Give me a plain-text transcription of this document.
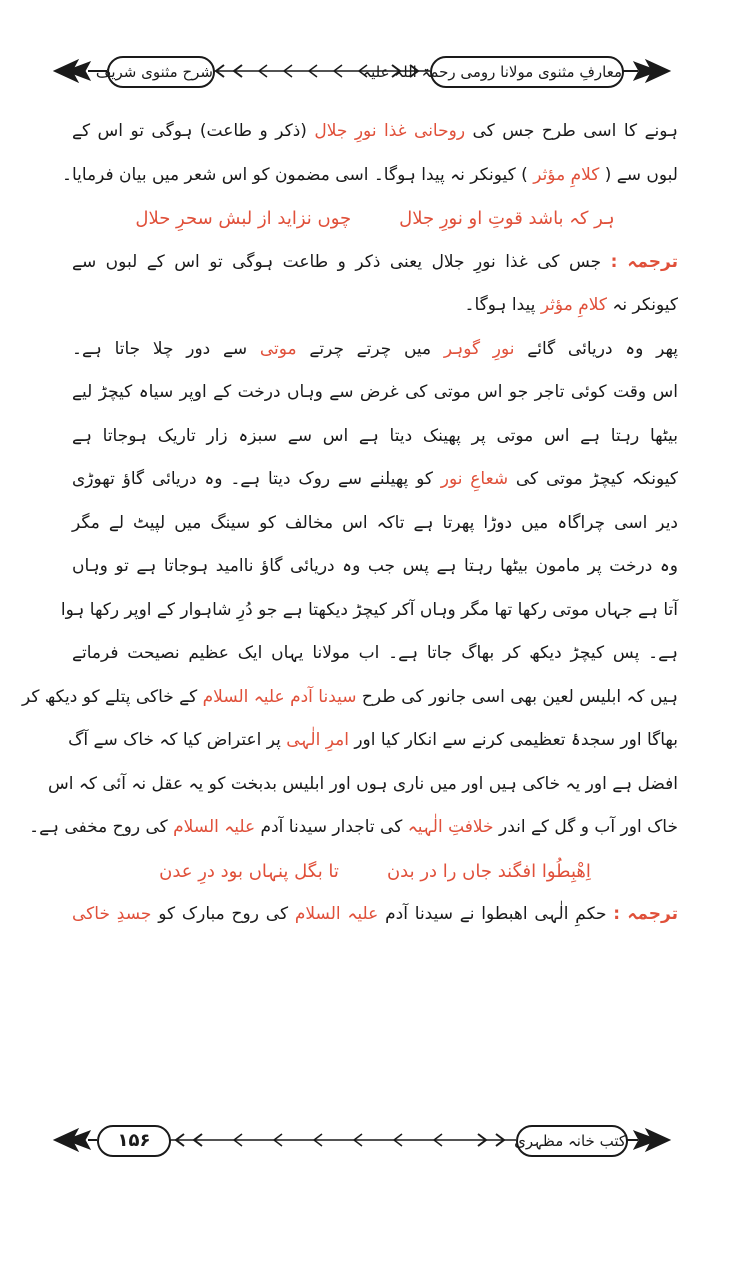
شرح مثنوی شریف	معارفِ مثنوی مولانا رومی رحمۃ اللہ علیہ
ہونے کا اسی طرح جس کی روحانی غذا نورِ جلال (ذکر و طاعت) ہوگی تو اس کے
لبوں سے ( کلامِ مؤثر ) کیونکر نہ پیدا ہوگا۔ اسی مضمون کو اس شعر میں بیان فرمایا۔
ہر کہ باشد قوتِ او نورِ جلالچوں نزاید از لبش سحرِ حلال
ترجمہ : جس کی غذا نورِ جلال یعنی ذکر و طاعت ہوگی تو اس کے لبوں سے
کیونکر نہ کلامِ مؤثر پیدا ہوگا۔
پھر وہ دریائی گائے نورِ گوہر میں چرتے چرتے موتی سے دور چلا جاتا ہے۔
اس وقت کوئی تاجر جو اس موتی کی غرض سے وہاں درخت کے اوپر سیاہ کیچڑ لیے
بیٹھا رہتا ہے اس موتی پر پھینک دیتا ہے اس سے سبزہ زار تاریک ہوجاتا ہے
کیونکہ کیچڑ موتی کی شعاعِ نور کو پھیلنے سے روک دیتا ہے۔ وہ دریائی گاؤ تھوڑی
دیر اسی چراگاہ میں دوڑا پھرتا ہے تاکہ اس مخالف کو سینگ میں لپیٹ لے مگر
وہ درخت پر مامون بیٹھا رہتا ہے پس جب وہ دریائی گاؤ ناامید ہوجاتا ہے تو وہاں
آتا ہے جہاں موتی رکھا تھا مگر وہاں آکر کیچڑ دیکھتا ہے جو دُرِ شاہوار کے اوپر رکھا ہوا
ہے۔ پس کیچڑ دیکھ کر بھاگ جاتا ہے۔ اب مولانا یہاں ایک عظیم نصیحت فرماتے
ہیں کہ ابلیس لعین بھی اسی جانور کی طرح سیدنا آدم علیہ السلام کے خاکی پتلے کو دیکھ کر
بھاگا اور سجدۂ تعظیمی کرنے سے انکار کیا اور امرِ الٰہی پر اعتراض کیا کہ خاک سے آگ
افضل ہے اور یہ خاکی ہیں اور میں ناری ہوں اور ابلیس بدبخت کو یہ عقل نہ آئی کہ اس
خاک اور آب و گل کے اندر خلافتِ الٰہیہ کی تاجدار سیدنا آدم علیہ السلام کی روح مخفی ہے۔
اِھْبِطُوا افگند جاں را در بدنتا بگل پنہاں بود درِ عدن
ترجمہ : حکمِ الٰہی اھبطوا نے سیدنا آدم علیہ السلام کی روح مبارک کو جسدِ خاکی
۱۵۶	کتب خانہ مظہری
